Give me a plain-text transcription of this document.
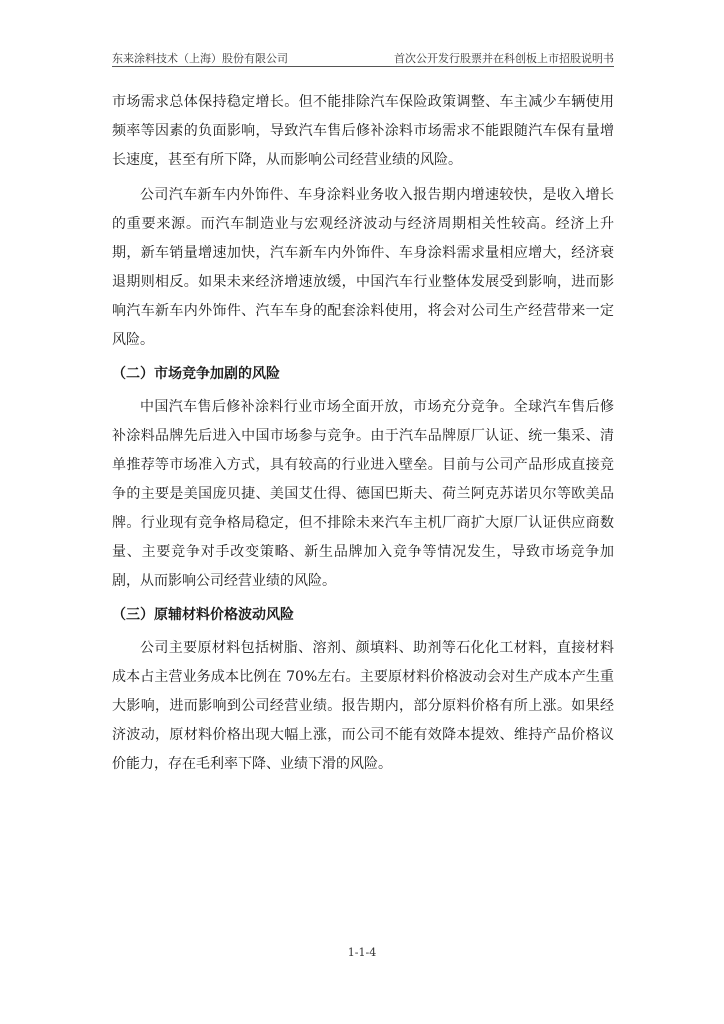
东来涂料技术（上海）股份有限公司	首次公开发行股票并在科创板上市招股说明书

市场需求总体保持稳定增长。但不能排除汽车保险政策调整、车主减少车辆使用频率等因素的负面影响，导致汽车售后修补涂料市场需求不能跟随汽车保有量增长速度，甚至有所下降，从而影响公司经营业绩的风险。

公司汽车新车内外饰件、车身涂料业务收入报告期内增速较快，是收入增长的重要来源。而汽车制造业与宏观经济波动与经济周期相关性较高。经济上升期，新车销量增速加快，汽车新车内外饰件、车身涂料需求量相应增大，经济衰退期则相反。如果未来经济增速放缓，中国汽车行业整体发展受到影响，进而影响汽车新车内外饰件、汽车车身的配套涂料使用，将会对公司生产经营带来一定风险。

（二）市场竞争加剧的风险

中国汽车售后修补涂料行业市场全面开放，市场充分竞争。全球汽车售后修补涂料品牌先后进入中国市场参与竞争。由于汽车品牌原厂认证、统一集采、清单推荐等市场准入方式，具有较高的行业进入壁垒。目前与公司产品形成直接竞争的主要是美国庞贝捷、美国艾仕得、德国巴斯夫、荷兰阿克苏诺贝尔等欧美品牌。行业现有竞争格局稳定，但不排除未来汽车主机厂商扩大原厂认证供应商数量、主要竞争对手改变策略、新生品牌加入竞争等情况发生，导致市场竞争加剧，从而影响公司经营业绩的风险。

（三）原辅材料价格波动风险

公司主要原材料包括树脂、溶剂、颜填料、助剂等石化化工材料，直接材料成本占主营业务成本比例在 70%左右。主要原材料价格波动会对生产成本产生重大影响，进而影响到公司经营业绩。报告期内，部分原料价格有所上涨。如果经济波动，原材料价格出现大幅上涨，而公司不能有效降本提效、维持产品价格议价能力，存在毛利率下降、业绩下滑的风险。

1-1-4
